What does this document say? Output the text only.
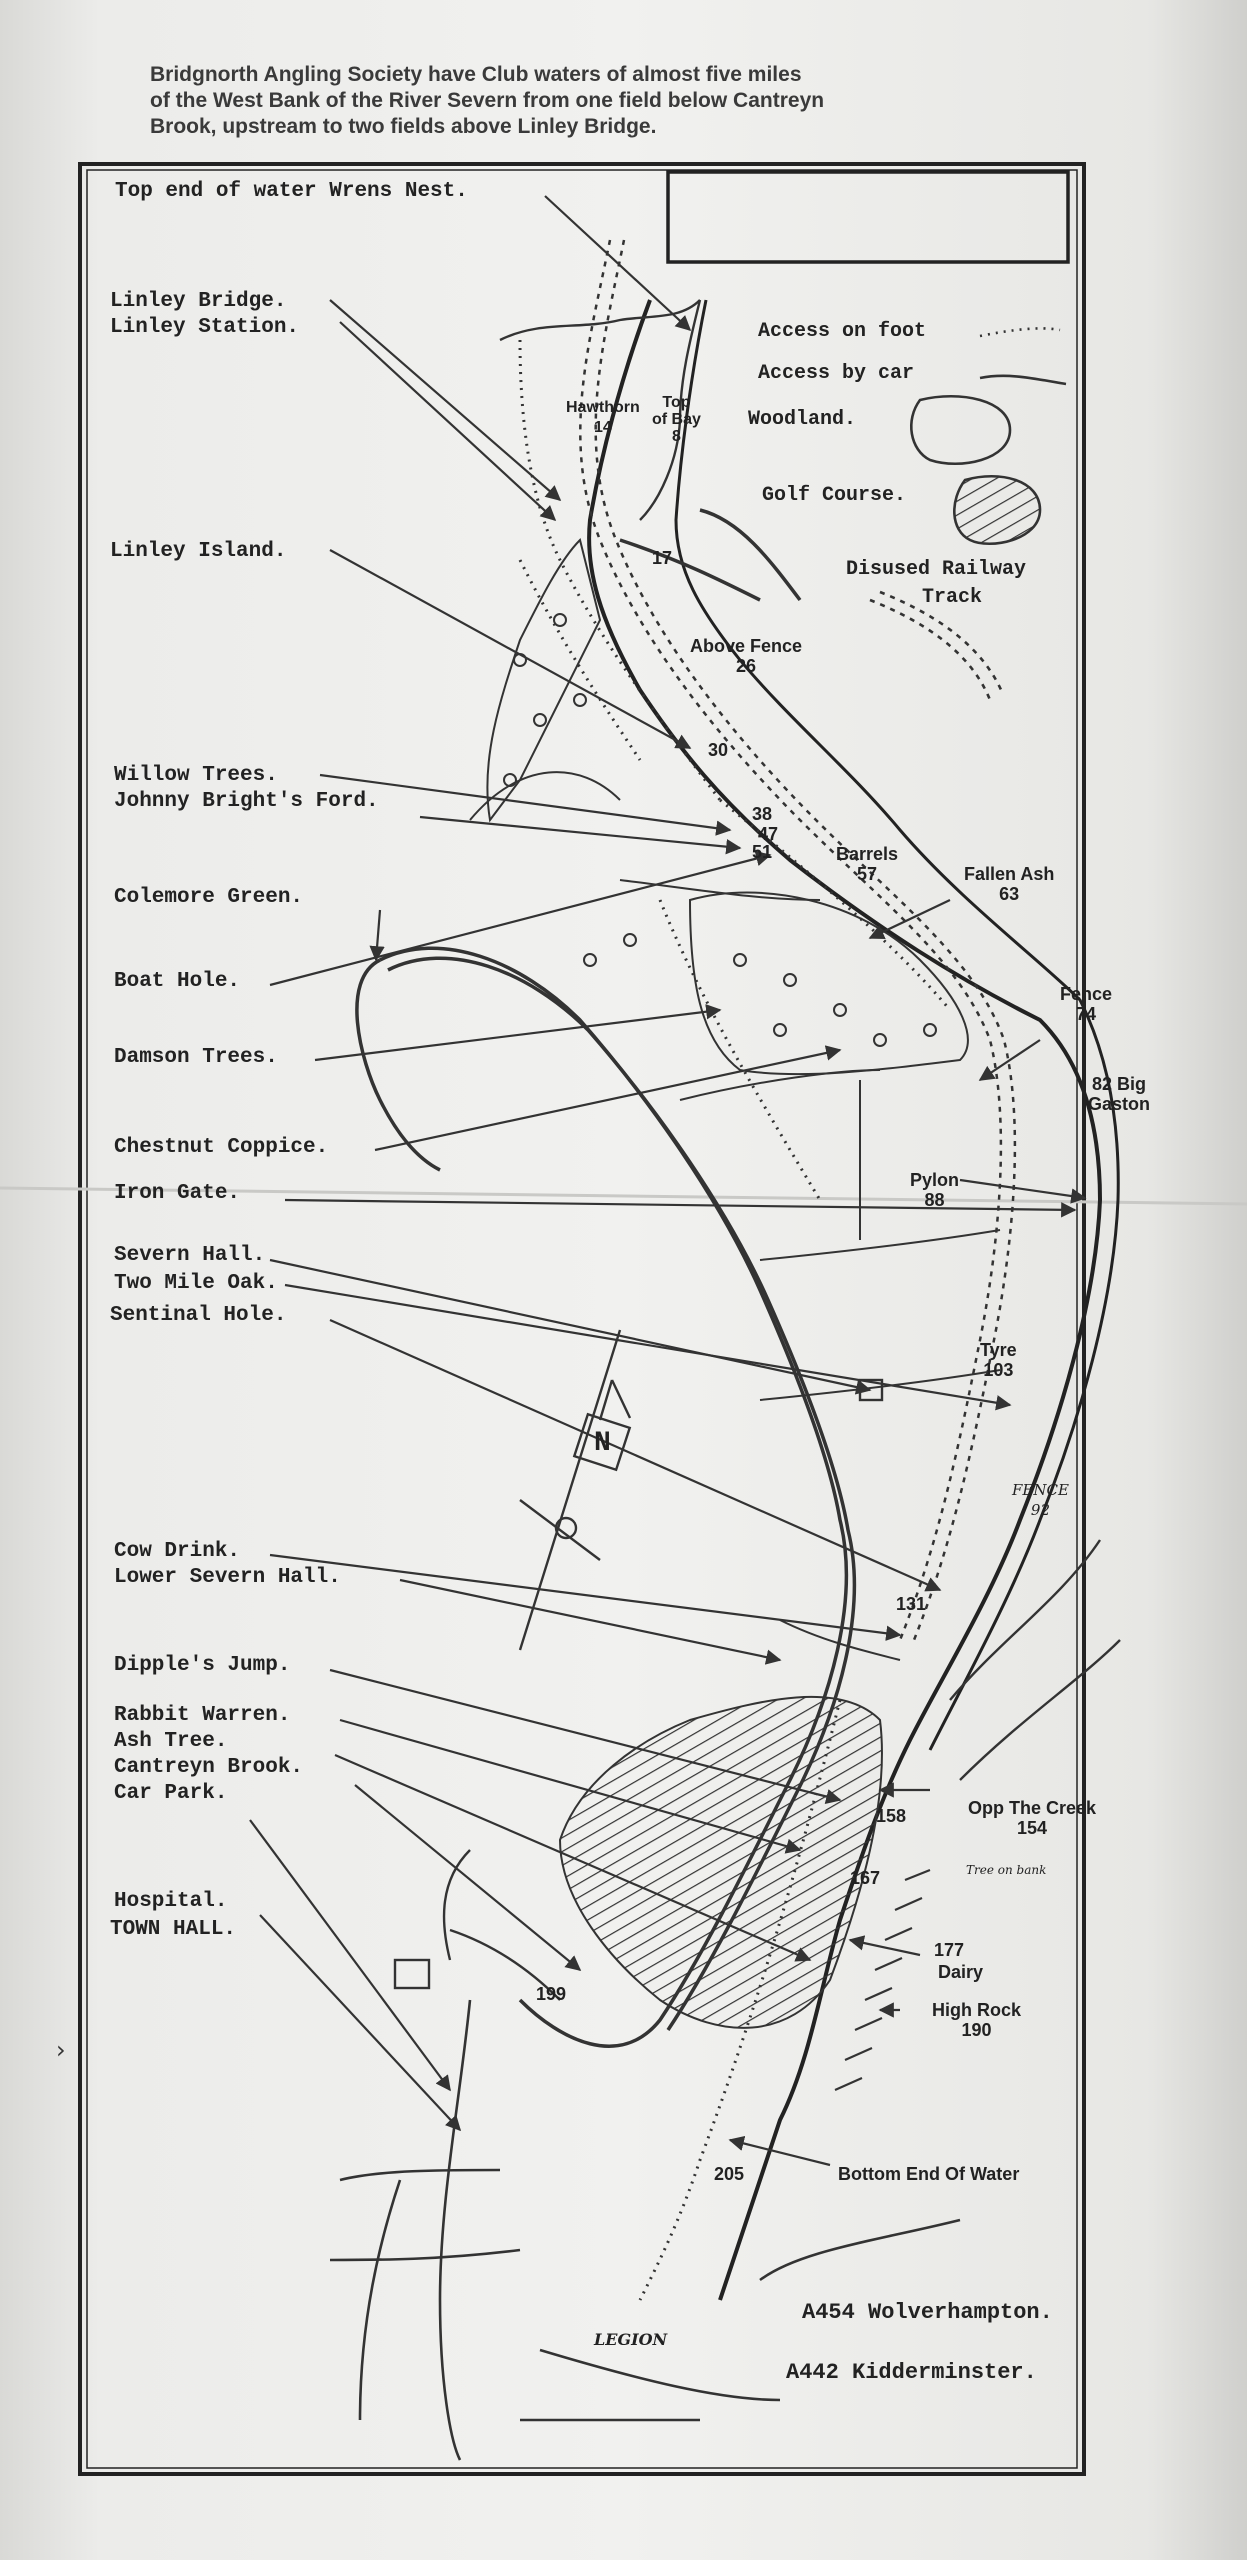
Bridgnorth Angling Society have Club waters of almost five miles
of the West Bank of the River Severn from one field below Cantreyn
Brook, upstream to two fields above Linley Bridge.
Access on foot
Access by car
Woodland.
Golf Course.
Disused Railway
Track
Top end of water Wrens Nest.
Linley Bridge.
Linley Station.
Linley Island.
Willow Trees.
Johnny Bright's Ford.
Colemore Green.
Boat Hole.
Damson Trees.
Chestnut Coppice.
Iron Gate.
Severn Hall.
Two Mile Oak.
Sentinal Hole.
Cow Drink.
Lower Severn Hall.
Dipple's Jump.
Rabbit Warren.
Ash Tree.
Cantreyn Brook.
Car Park.
Hospital.
TOWN HALL.
Hawthorn
14
Top
of Bay
8
17
Above Fence
26
30
38
47
51	Barrels
57	Fallen Ash
63
Fence
74
82 Big
Gaston
Pylon
88
Tyre
103
FENCE
92
131
158	Opp The Creek
154
167	Tree on bank
177
Dairy
High Rock
190
199
205	Bottom End Of Water
N
A454 Wolverhampton.
A442 Kidderminster.
LEGION
›
